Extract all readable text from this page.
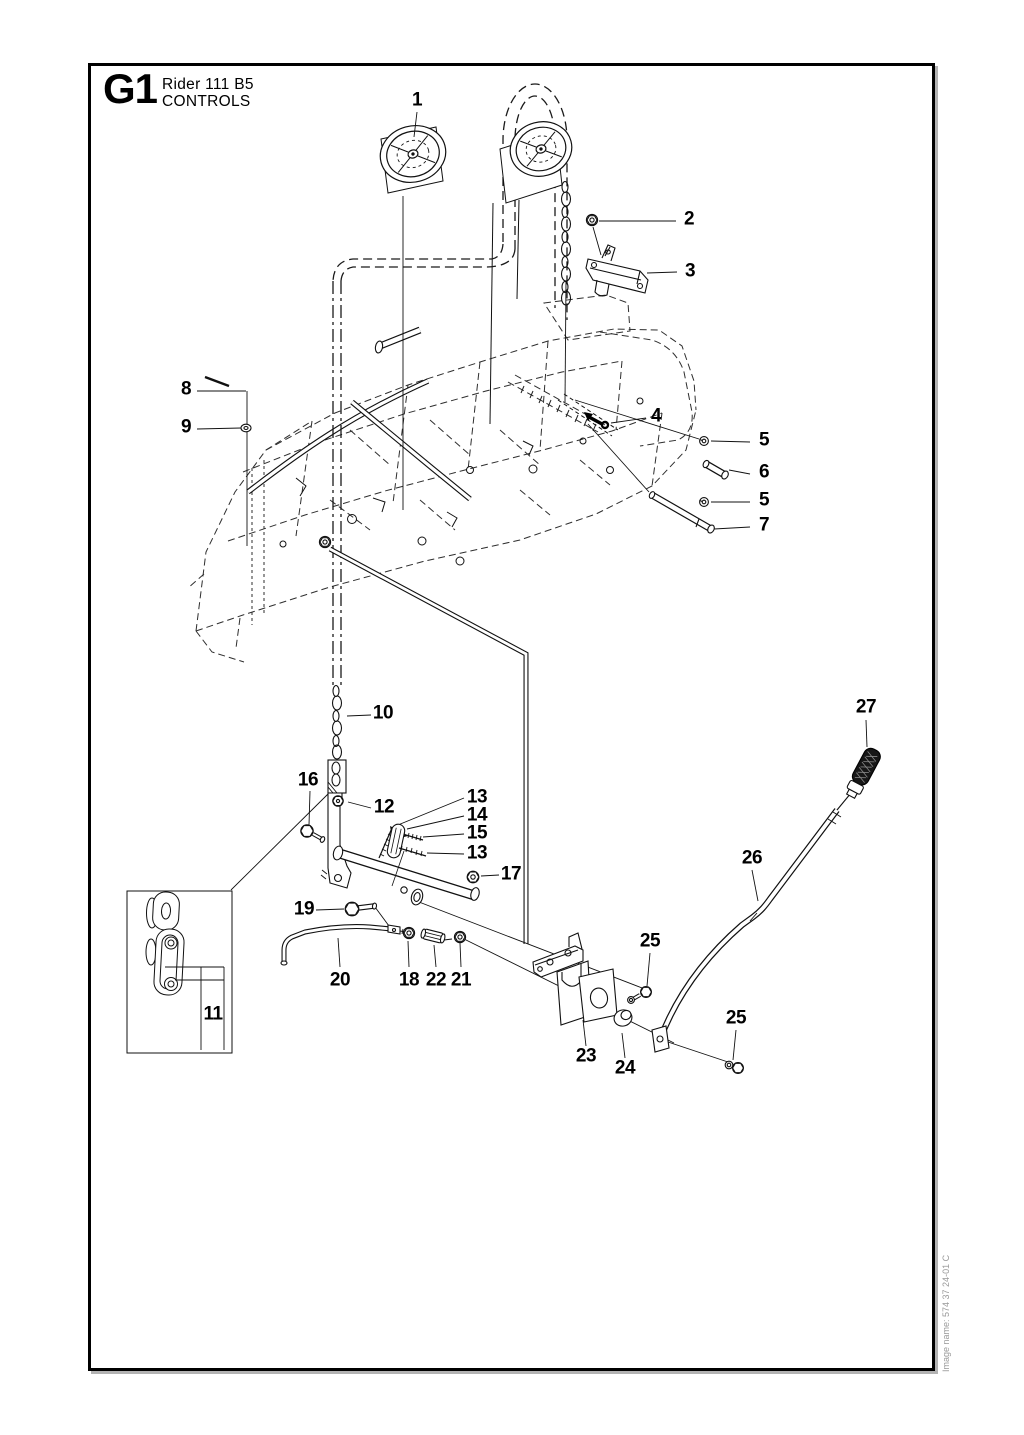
G1 Rider 111 B5
CONTROLS	1
2
3
8
9
4
5
6
5
7
10	27
16
12	13
14
15
13
17
19
26
25
20	18 22 21
23
24
25
11
Image name: 574 37 24-01 C
